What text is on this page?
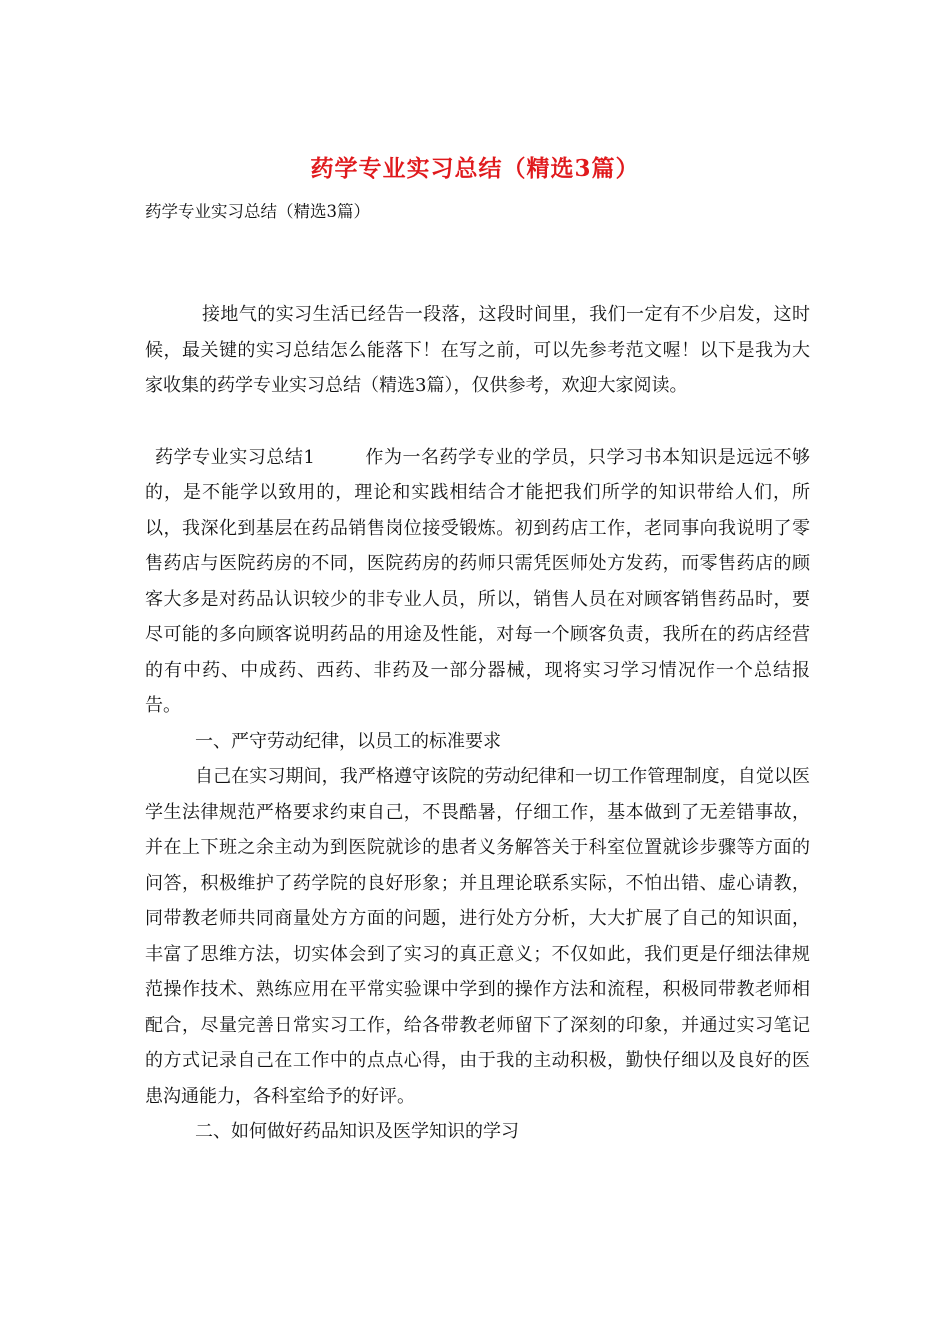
药学专业实习总结（精选3篇）
药学专业实习总结（精选3篇）

接地气的实习生活已经告一段落，这段时间里，我们一定有不少启发，这时候，最关键的实习总结怎么能落下！在写之前，可以先参考范文喔！以下是我为大家收集的药学专业实习总结（精选3篇），仅供参考，欢迎大家阅读。

药学专业实习总结1	作为一名药学专业的学员，只学习书本知识是远远不够的，是不能学以致用的，理论和实践相结合才能把我们所学的知识带给人们，所以，我深化到基层在药品销售岗位接受锻炼。初到药店工作，老同事向我说明了零售药店与医院药房的不同，医院药房的药师只需凭医师处方发药，而零售药店的顾客大多是对药品认识较少的非专业人员，所以，销售人员在对顾客销售药品时，要尽可能的多向顾客说明药品的用途及性能，对每一个顾客负责，我所在的药店经营的有中药、中成药、西药、非药及一部分器械，现将实习学习情况作一个总结报告。

一、严守劳动纪律，以员工的标准要求

自己在实习期间，我严格遵守该院的劳动纪律和一切工作管理制度，自觉以医学生法律规范严格要求约束自己，不畏酷暑，仔细工作，基本做到了无差错事故，并在上下班之余主动为到医院就诊的患者义务解答关于科室位置就诊步骤等方面的问答，积极维护了药学院的良好形象；并且理论联系实际，不怕出错、虚心请教，同带教老师共同商量处方方面的问题，进行处方分析，大大扩展了自己的知识面，丰富了思维方法，切实体会到了实习的真正意义；不仅如此，我们更是仔细法律规范操作技术、熟练应用在平常实验课中学到的操作方法和流程，积极同带教老师相配合，尽量完善日常实习工作，给各带教老师留下了深刻的印象，并通过实习笔记的方式记录自己在工作中的点点心得，由于我的主动积极，勤快仔细以及良好的医患沟通能力，各科室给予的好评。

二、如何做好药品知识及医学知识的学习
